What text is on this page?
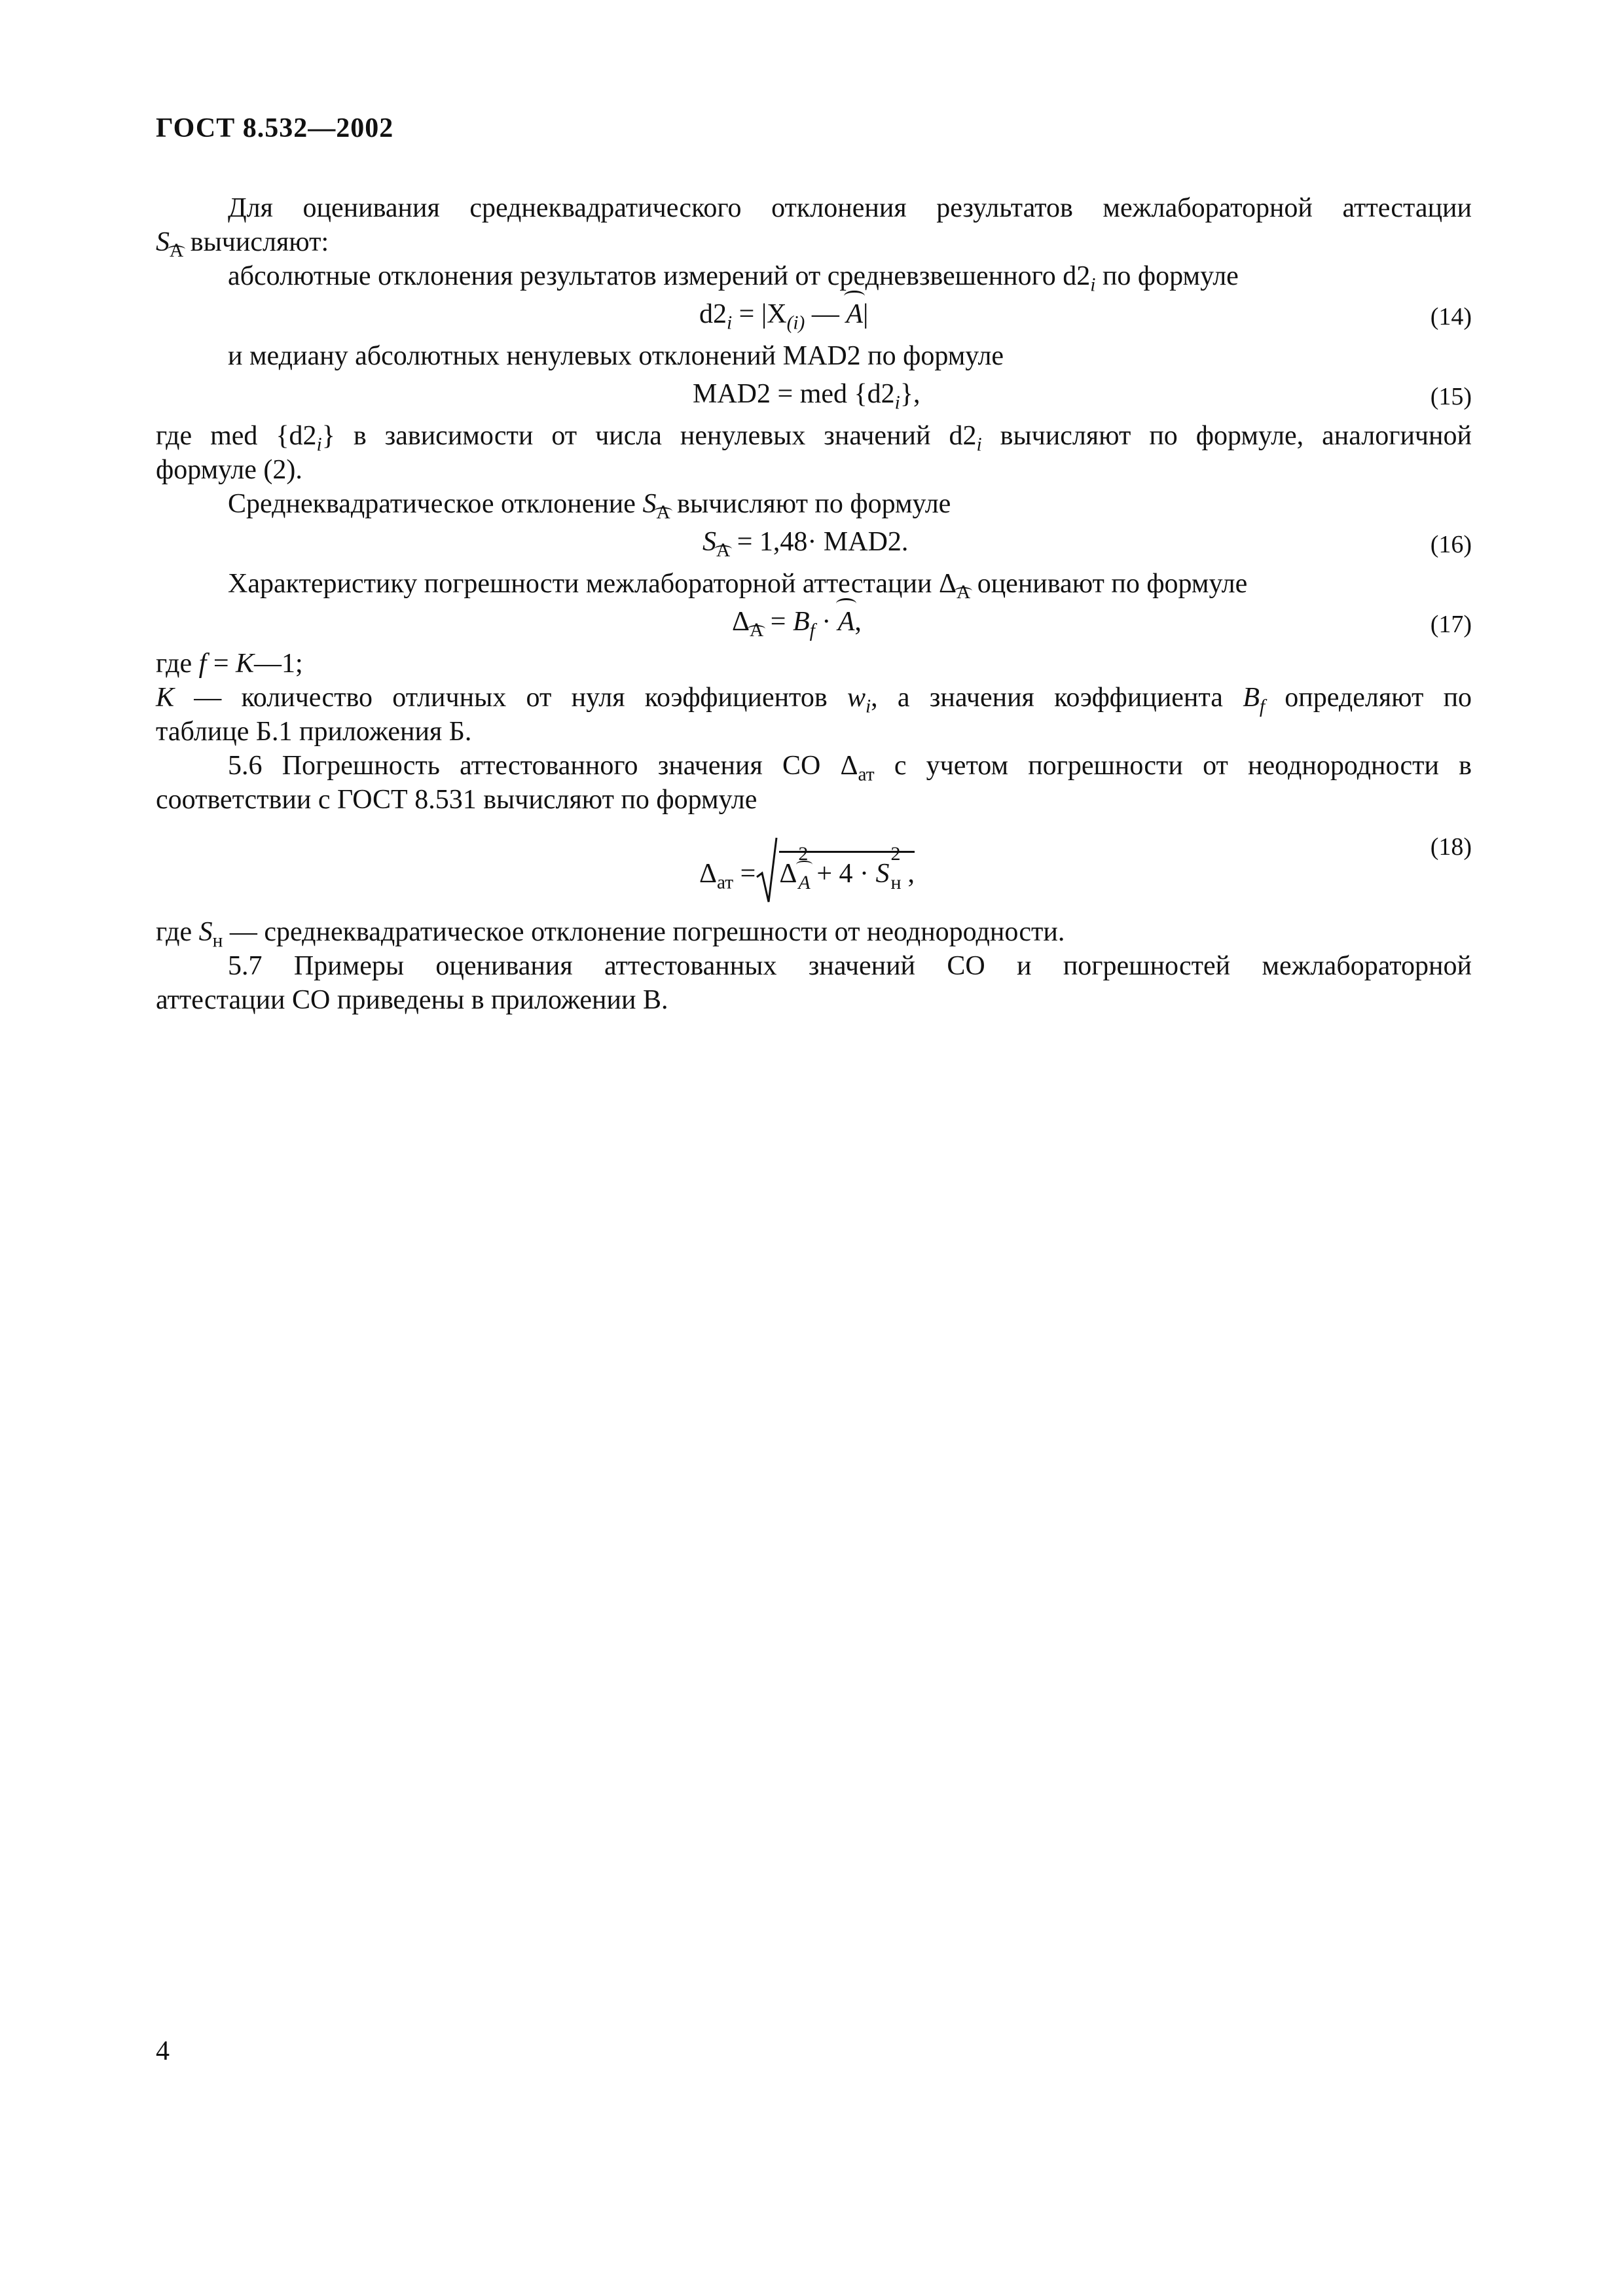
ГОСТ 8.532—2002
Для оценивания среднеквадратического отклонения результатов межлабораторной аттестации
$S_A$ вычисляют:
абсолютные отклонения результатов измерений от средневзвешенного $d2_i$ по формуле
$d2_i = |X_{(i)}$ — A|	(14)
и медиану абсолютных ненулевых отклонений MAD2 по формуле
MAD2 = med $\{d2_i\}$,	(15)
где med $\{d2_i\}$ в зависимости от числа ненулевых значений $d2_i$ вычисляют по формуле, аналогичной
формуле (2).
Среднеквадратическое отклонение $S_A$ вычисляют по формуле
$S_A = 1,48\cdot MAD2$.	(16)
Характеристику погрешности межлабораторной аттестации $\Delta_A$ оценивают по формуле
$\Delta_A = B_f \cdot A$,	(17)
где f = K—1;
K — количество отличных от нуля коэффициентов $w_i$, а значения коэффициента $B_f$ определяют по
таблице Б.1 приложения Б.
5.6 Погрешность аттестованного значения СО $\Delta_{ат}$ с учетом погрешности от неоднородности в
соответствии с ГОСТ 8.531 вычисляют по формуле
$\Delta_{ат} = \Delta$
2
A + 4 · S
2
н ,
(18)
где $S_н$ — среднеквадратическое отклонение погрешности от неоднородности.
5.7 Примеры оценивания аттестованных значений СО и погрешностей межлабораторной
аттестации СО приведены в приложении В.
4
